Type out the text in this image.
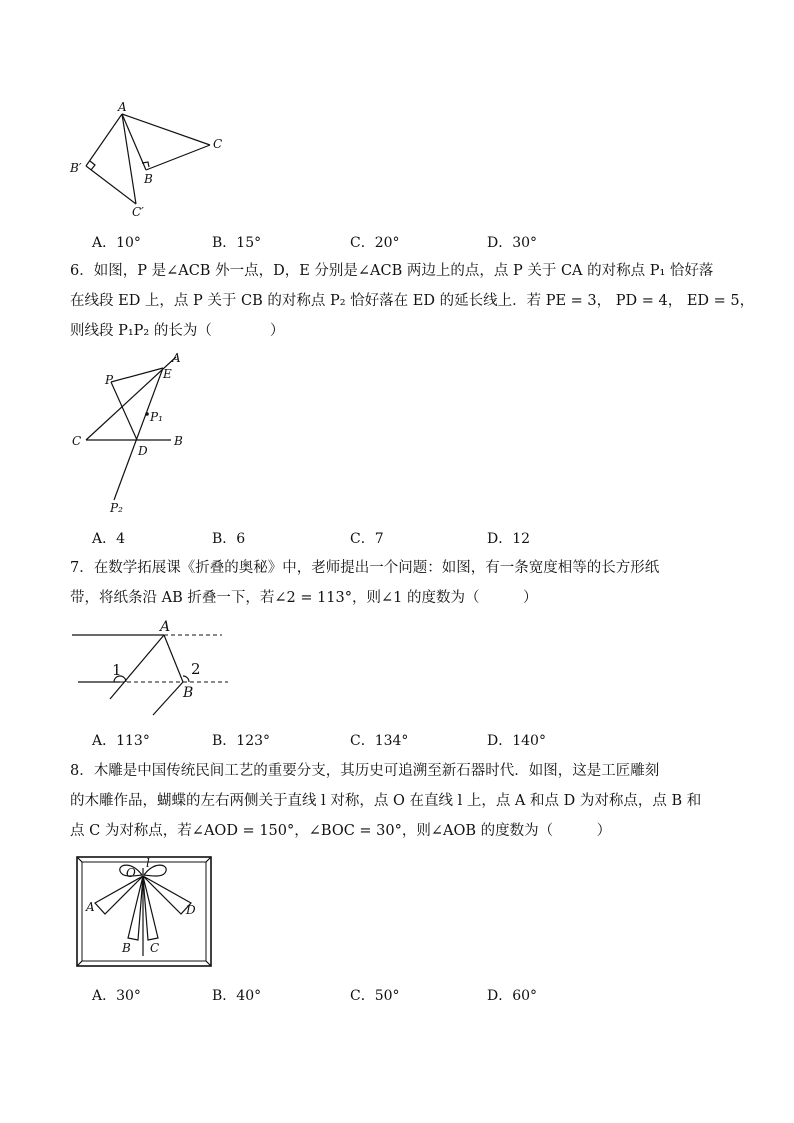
A
C
B′
B
C′
A．10°	B．15°	C．20°	D．30°

6．如图，P 是∠ACB 外一点，D，E 分别是∠ACB 两边上的点，点 P 关于 CA 的对称点 P₁ 恰好落

在线段 ED 上，点 P 关于 CB 的对称点 P₂ 恰好落在 ED 的延长线上．若 PE = 3， PD = 4， ED = 5，

则线段 P₁P₂ 的长为（　　　　）

A
P	E
P₁
C
D
B
P₂
A．4	B．6	C．7	D．12

7．在数学拓展课《折叠的奥秘》中，老师提出一个问题：如图，有一条宽度相等的长方形纸

带，将纸条沿 AB 折叠一下，若∠2 = 113°，则∠1 的度数为（　　　）

A
B
1	2
A．113°	B．123°	C．134°	D．140°

8．木雕是中国传统民间工艺的重要分支，其历史可追溯至新石器时代．如图，这是工匠雕刻

的木雕作品，蝴蝶的左右两侧关于直线 l 对称，点 O 在直线 l 上，点 A 和点 D 为对称点，点 B 和

点 C 为对称点，若∠AOD = 150°，∠BOC = 30°，则∠AOB 的度数为（　　　）

l
O
A	D
B C
A．30°	B．40°	C．50°	D．60°
